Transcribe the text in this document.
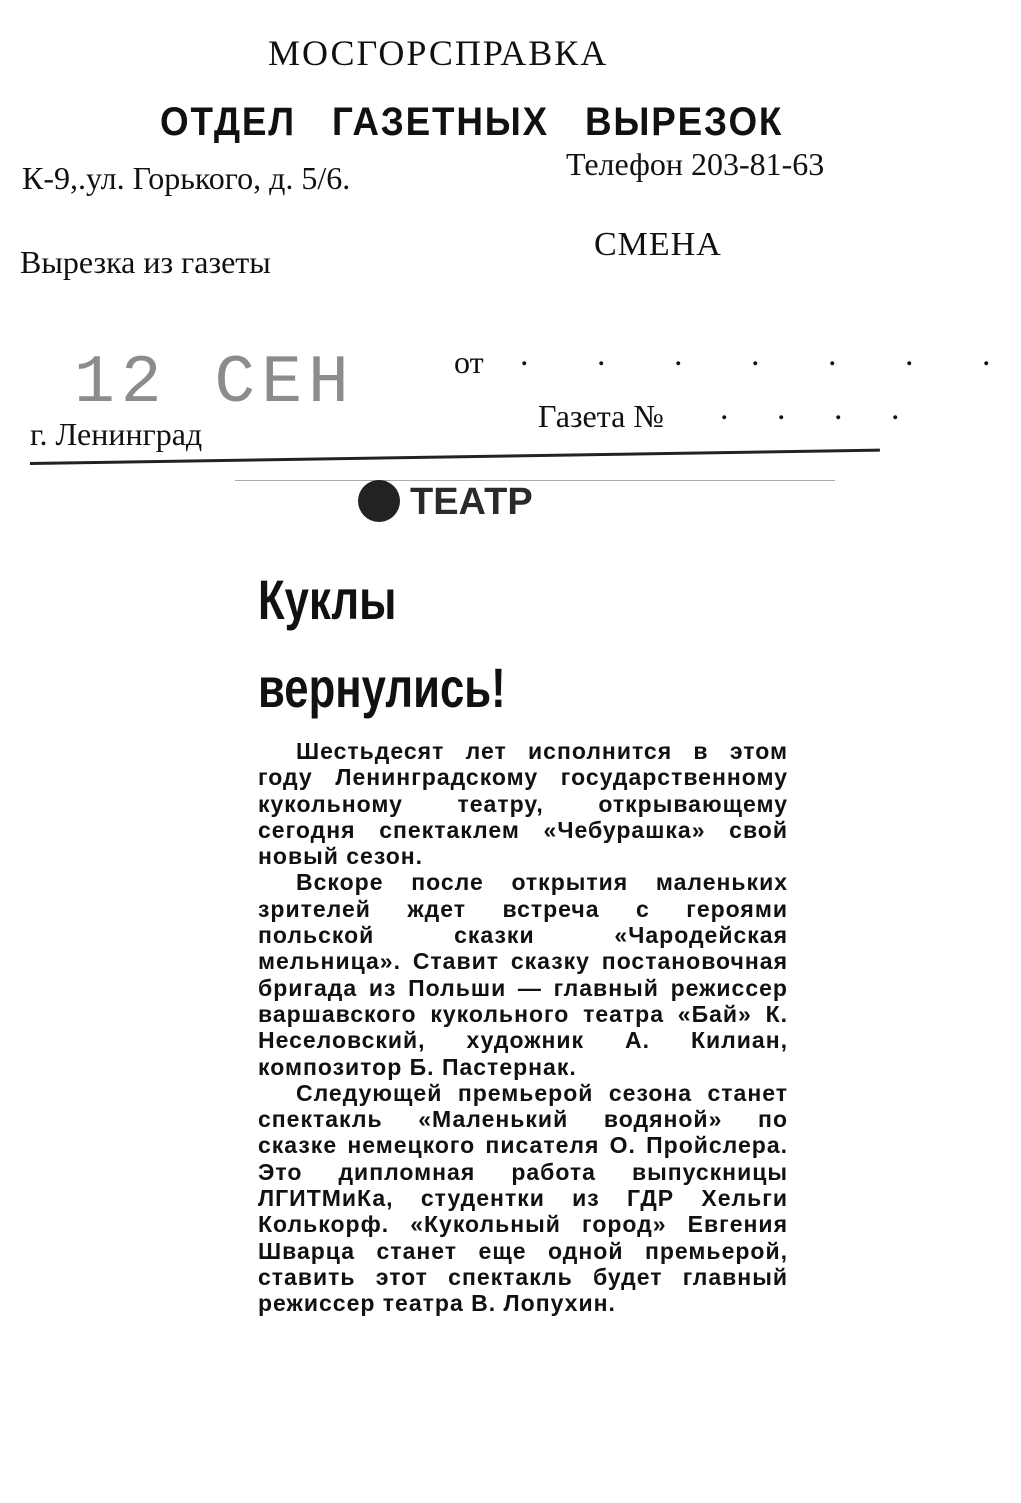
МОСГОРСПРАВКА
ОТДЕЛ ГАЗЕТНЫХ ВЫРЕЗОК
К-9,.ул. Горького, д. 5/6.	Телефон 203-81-63
Вырезка из газеты	СМЕНА
12 СЕН	от . . . . . . .
г. Ленинград	Газета № . . . .
ТЕАТР
Куклы
вернулись!

Шестьдесят лет исполнится в этом году Ленинградскому государственному кукольному театру, открывающему сегодня спектаклем «Чебурашка» свой новый сезон.

Вскоре после открытия маленьких зрителей ждет встреча с героями польской сказки «Чародейская мельница». Ставит сказку постановочная бригада из Польши — главный режиссер варшавского кукольного театра «Бай» К. Неселовский, художник А. Килиан, композитор Б. Пастернак.

Следующей премьерой сезона станет спектакль «Маленький водяной» по сказке немецкого писателя О. Пройслера. Это дипломная работа выпускницы ЛГИТМиКа, студентки из ГДР Хельги Колькорф. «Кукольный город» Евгения Шварца станет еще одной премьерой, ставить этот спектакль будет главный режиссер театра В. Лопухин.
